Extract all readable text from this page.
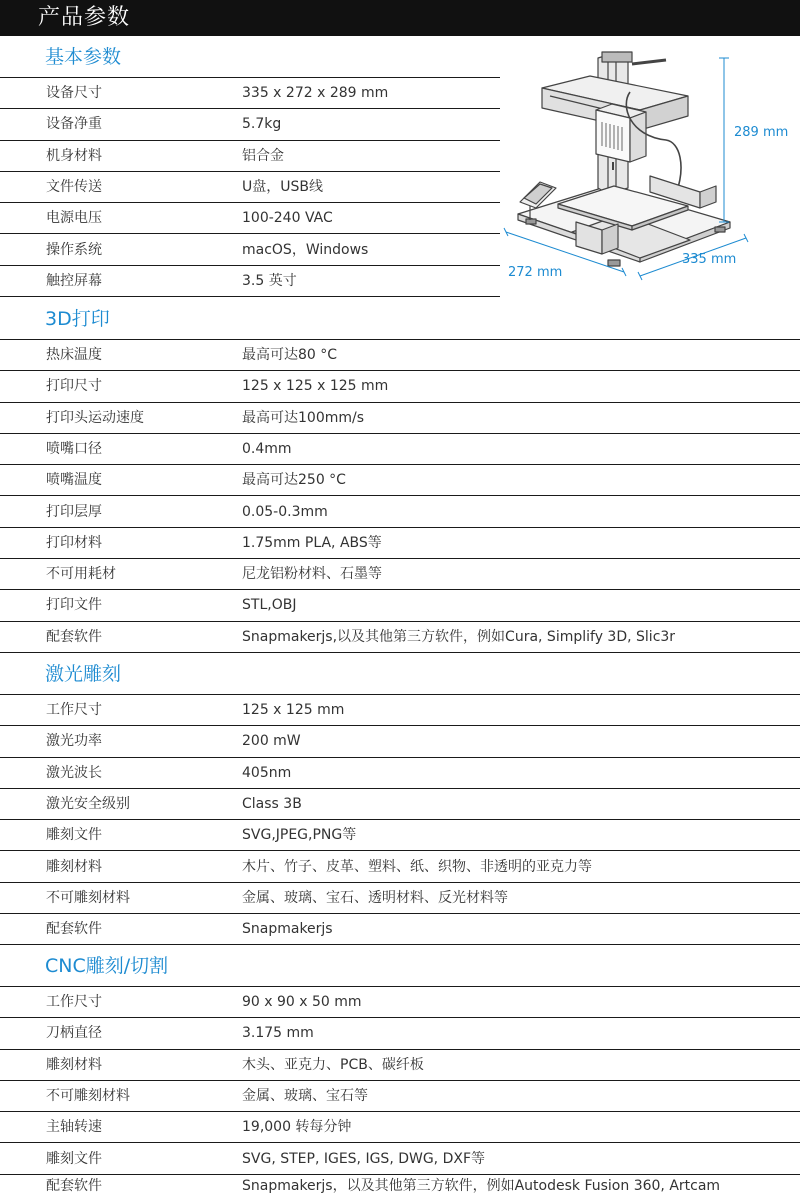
产品参数
基本参数
设备尺寸	335 x 272 x 289 mm
设备净重	5.7kg
机身材料	铝合金
文件传送	U盘，USB线
电源电压	100-240 VAC
操作系统	macOS，Windows
触控屏幕	3.5 英寸
289 mm
335 mm
272 mm
3D打印
热床温度	最高可达80 °C
打印尺寸	125 x 125 x 125 mm
打印头运动速度	最高可达100mm/s
喷嘴口径	0.4mm
喷嘴温度	最高可达250 °C
打印层厚	0.05-0.3mm
打印材料	1.75mm PLA, ABS等
不可用耗材	尼龙铝粉材料、石墨等
打印文件	STL,OBJ
配套软件	Snapmakerjs,以及其他第三方软件，例如Cura, Simplify 3D, Slic3r
激光雕刻
工作尺寸	125 x 125 mm
激光功率	200 mW
激光波长	405nm
激光安全级别	Class 3B
雕刻文件	SVG,JPEG,PNG等
雕刻材料	木片、竹子、皮革、塑料、纸、织物、非透明的亚克力等
不可雕刻材料	金属、玻璃、宝石、透明材料、反光材料等
配套软件	Snapmakerjs
CNC雕刻/切割
工作尺寸	90 x 90 x 50 mm
刀柄直径	3.175 mm
雕刻材料	木头、亚克力、PCB、碳纤板
不可雕刻材料	金属、玻璃、宝石等
主轴转速	19,000 转每分钟
雕刻文件	SVG, STEP, IGES, IGS, DWG, DXF等
配套软件	Snapmakerjs，以及其他第三方软件，例如Autodesk Fusion 360, Artcam
